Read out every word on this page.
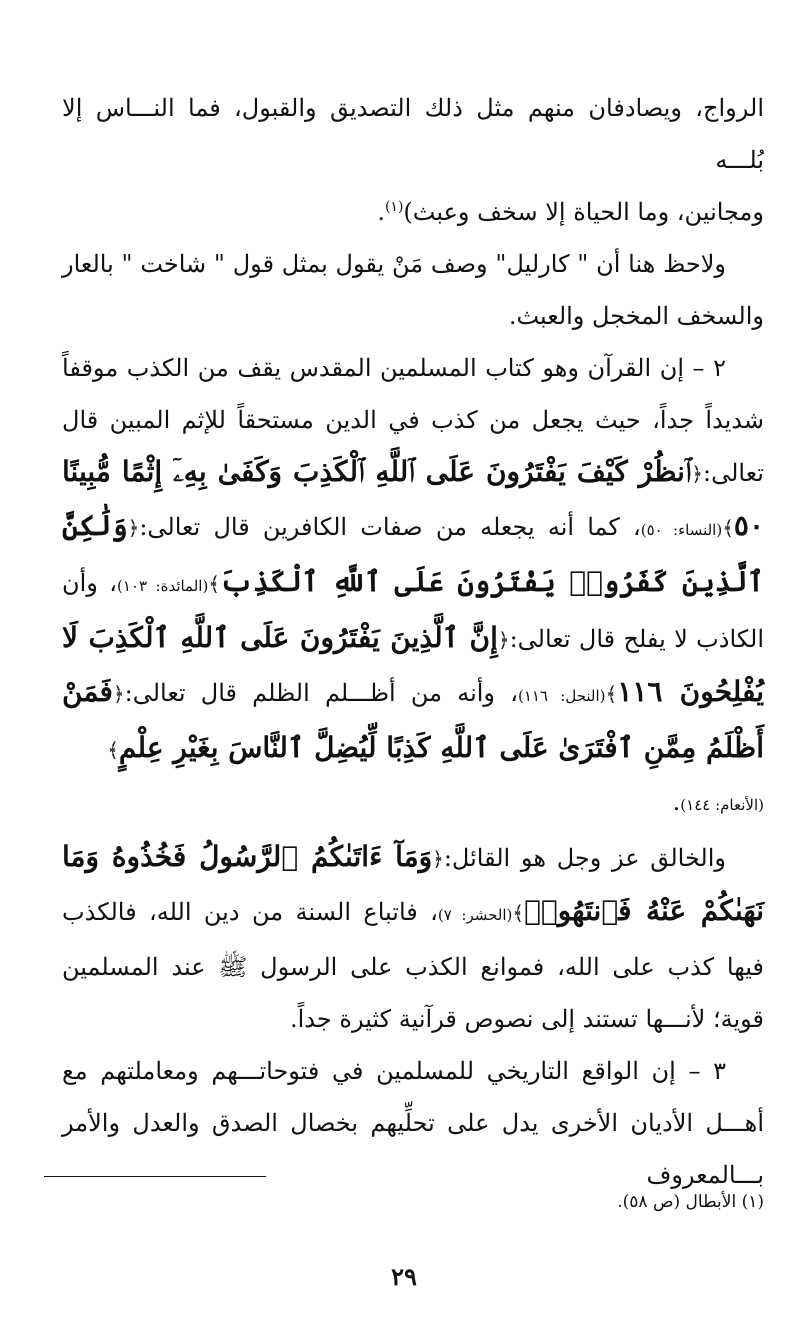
الرواج، ويصادفان منهم مثل ذلك التصديق والقبول، فما النـــاس إلا بُلـــه
ومجانين، وما الحياة إلا سخف وعبث)$^{(١)}$.

ولاحظ هنا أن " كارليل" وصف مَنْ يقول بمثل قول " شاخت " بالعار والسخف المخجل والعبث.

٢ – إن القرآن وهو كتاب المسلمين المقدس يقف من الكذب موقفاً شديداً جداً، حيث يجعل من كذب في الدين مستحقاً للإثم المبين قال تعالى:﴿ٱنظُرْ كَيْفَ يَفْتَرُونَ عَلَى ٱللَّهِ ٱلْكَذِبَ وَكَفَىٰ بِهِۦٓ إِثْمًا مُّبِينًا ٥٠﴾(النساء: ٥٠)، كما أنه يجعله من صفات الكافرين قال تعالى:﴿وَلَٰكِنَّ ٱلَّذِينَ كَفَرُوا۟ يَفْتَرُونَ عَلَى ٱللَّهِ ٱلْكَذِبَ﴾(المائدة: ١٠٣)، وأن الكاذب لا يفلح قال تعالى:﴿إِنَّ ٱلَّذِينَ يَفْتَرُونَ عَلَى ٱللَّهِ ٱلْكَذِبَ لَا يُفْلِحُونَ ١١٦﴾(النحل: ١١٦)، وأنه من أظـــلم الظلم قال تعالى:﴿فَمَنْ أَظْلَمُ مِمَّنِ ٱفْتَرَىٰ عَلَى ٱللَّهِ كَذِبًا لِّيُضِلَّ ٱلنَّاسَ بِغَيْرِ عِلْمٍ﴾
(الأنعام: ١٤٤).

والخالق عز وجل هو القائل:﴿وَمَآ ءَاتَىٰكُمُ ٱلرَّسُولُ فَخُذُوهُ وَمَا نَهَىٰكُمْ عَنْهُ فَٱنتَهُوا۟﴾(الحشر: ٧)، فاتباع السنة من دين الله، فالكذب فيها كذب على الله، فموانع الكذب على الرسول ﷺ عند المسلمين قوية؛ لأنـــها تستند إلى نصوص قرآنية كثيرة جداً.

٣ – إن الواقع التاريخي للمسلمين في فتوحاتـــهم ومعاملتهم مع أهـــل الأديان الأخرى يدل على تحلِّيهم بخصال الصدق والعدل والأمر بـــالمعروف

(١) الأبطال (ص ٥٨).
٢٩
